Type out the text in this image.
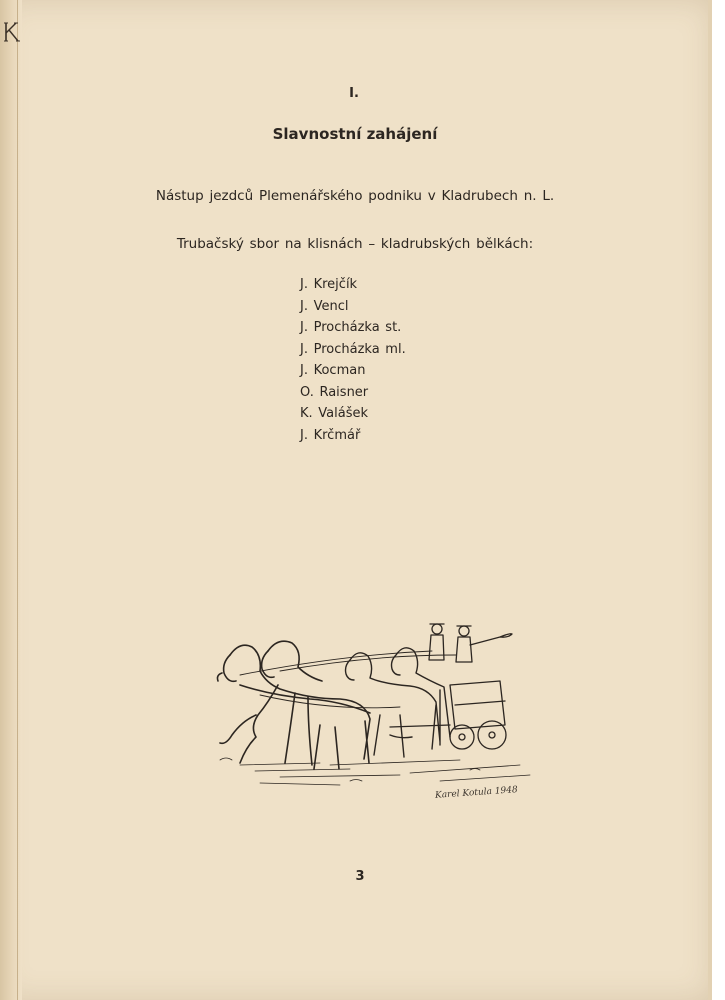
I.
Slavnostní zahájení
Nástup jezdců Plemenářského podniku v Kladrubech n. L.
Trubačský sbor na klisnách – kladrubských bělkách:
J. Krejčík
J. Vencl
J. Procházka st.
J. Procházka ml.
J. Kocman
O. Raisner
K. Valášek
J. Krčmář
Karel Kotula 1948
3
